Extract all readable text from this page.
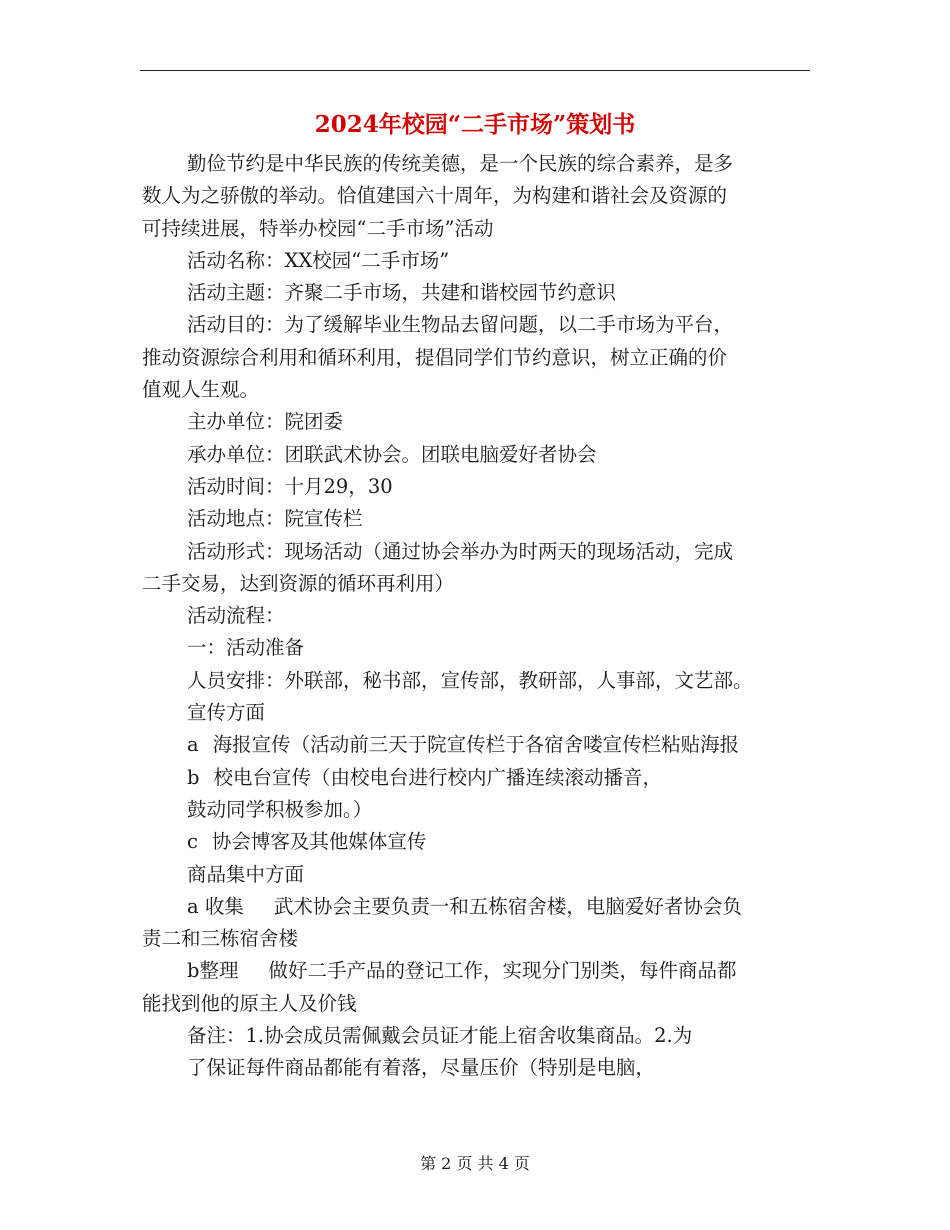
2024年校园“二手市场”策划书
勤俭节约是中华民族的传统美德，是一个民族的综合素养，是多
数人为之骄傲的举动。恰值建国六十周年，为构建和谐社会及资源的
可持续进展，特举办校园“二手市场”活动
活动名称：XX校园“二手市场”
活动主题：齐聚二手市场，共建和谐校园节约意识
活动目的：为了缓解毕业生物品去留问题，以二手市场为平台，
推动资源综合利用和循环利用，提倡同学们节约意识，树立正确的价
值观人生观。
主办单位：院团委
承办单位：团联武术协会。团联电脑爱好者协会
活动时间：十月29，30
活动地点：院宣传栏
活动形式：现场活动（通过协会举办为时两天的现场活动，完成
二手交易，达到资源的循环再利用）
活动流程：
一：活动准备
人员安排：外联部，秘书部，宣传部，教研部，人事部，文艺部。
宣传方面
a 海报宣传（活动前三天于院宣传栏于各宿舍喽宣传栏粘贴海报
b 校电台宣传（由校电台进行校内广播连续滚动播音，
鼓动同学积极参加。）
c 协会博客及其他媒体宣传
商品集中方面
a 收集 武术协会主要负责一和五栋宿舍楼，电脑爱好者协会负
责二和三栋宿舍楼
b整理 做好二手产品的登记工作，实现分门别类，每件商品都
能找到他的原主人及价钱
备注：1.协会成员需佩戴会员证才能上宿舍收集商品。2.为
了保证每件商品都能有着落，尽量压价（特别是电脑，
第 2 页 共 4 页
